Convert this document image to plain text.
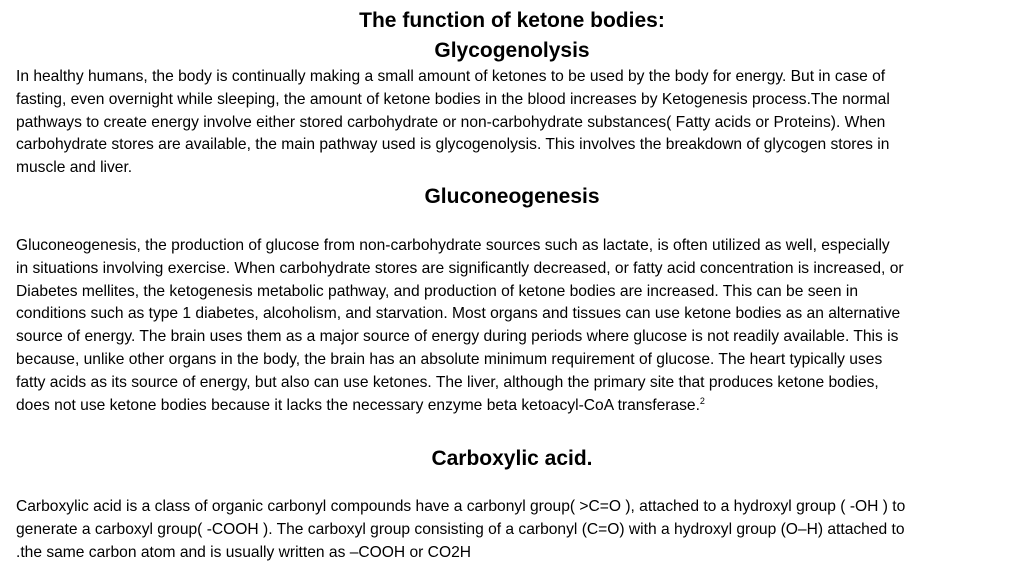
The function of ketone bodies:
Glycogenolysis
In healthy humans, the body is continually making a small amount of ketones to be used by the body for energy. But in case of
fasting, even overnight while sleeping, the amount of ketone bodies in the blood increases by Ketogenesis process.The normal
pathways to create energy involve either stored carbohydrate or non-carbohydrate substances( Fatty acids or Proteins). When
carbohydrate stores are available, the main pathway used is glycogenolysis. This involves the breakdown of glycogen stores in
muscle and liver.
Gluconeogenesis
Gluconeogenesis, the production of glucose from non-carbohydrate sources such as lactate, is often utilized as well, especially
in situations involving exercise. When carbohydrate stores are significantly decreased, or fatty acid concentration is increased, or
Diabetes mellites, the ketogenesis metabolic pathway, and production of ketone bodies are increased. This can be seen in
conditions such as type 1 diabetes, alcoholism, and starvation. Most organs and tissues can use ketone bodies as an alternative
source of energy. The brain uses them as a major source of energy during periods where glucose is not readily available. This is
because, unlike other organs in the body, the brain has an absolute minimum requirement of glucose. The heart typically uses
fatty acids as its source of energy, but also can use ketones. The liver, although the primary site that produces ketone bodies,
does not use ketone bodies because it lacks the necessary enzyme beta ketoacyl-CoA transferase.$^2$
Carboxylic acid.
Carboxylic acid is a class of organic carbonyl compounds have a carbonyl group( >C=O ), attached to a hydroxyl group ( -OH ) to
generate a carboxyl group( -COOH ). The carboxyl group consisting of a carbonyl (C=O) with a hydroxyl group (O–H) attached to
.the same carbon atom and is usually written as –COOH or CO2H
